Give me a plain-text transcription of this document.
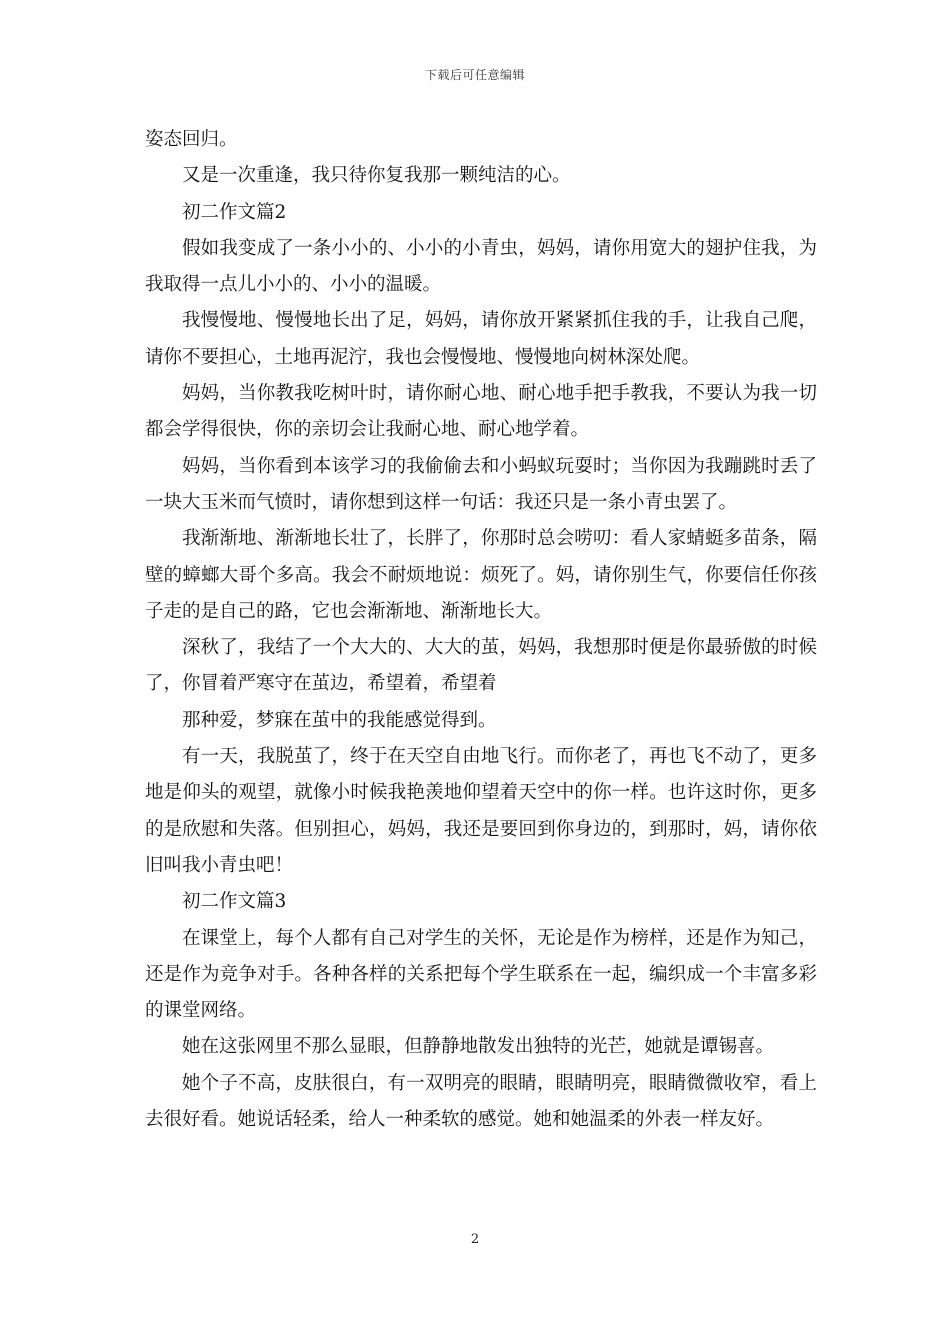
下载后可任意编辑

姿态回归。

又是一次重逢，我只待你复我那一颗纯洁的心。

初二作文篇2

假如我变成了一条小小的、小小的小青虫，妈妈，请你用宽大的翅护住我，为我取得一点儿小小的、小小的温暖。

我慢慢地、慢慢地长出了足，妈妈，请你放开紧紧抓住我的手，让我自己爬，请你不要担心，土地再泥泞，我也会慢慢地、慢慢地向树林深处爬。

妈妈，当你教我吃树叶时，请你耐心地、耐心地手把手教我，不要认为我一切都会学得很快，你的亲切会让我耐心地、耐心地学着。

妈妈，当你看到本该学习的我偷偷去和小蚂蚁玩耍时；当你因为我蹦跳时丢了一块大玉米而气愤时，请你想到这样一句话：我还只是一条小青虫罢了。

我渐渐地、渐渐地长壮了，长胖了，你那时总会唠叨：看人家蜻蜓多苗条，隔壁的蟑螂大哥个多高。我会不耐烦地说：烦死了。妈，请你别生气，你要信任你孩子走的是自己的路，它也会渐渐地、渐渐地长大。

深秋了，我结了一个大大的、大大的茧，妈妈，我想那时便是你最骄傲的时候了，你冒着严寒守在茧边，希望着，希望着

那种爱，梦寐在茧中的我能感觉得到。

有一天，我脱茧了，终于在天空自由地飞行。而你老了，再也飞不动了，更多地是仰头的观望，就像小时候我艳羡地仰望着天空中的你一样。也许这时你，更多的是欣慰和失落。但别担心，妈妈，我还是要回到你身边的，到那时，妈，请你依旧叫我小青虫吧！

初二作文篇3

在课堂上，每个人都有自己对学生的关怀，无论是作为榜样，还是作为知己，还是作为竞争对手。各种各样的关系把每个学生联系在一起，编织成一个丰富多彩的课堂网络。

她在这张网里不那么显眼，但静静地散发出独特的光芒，她就是谭锡喜。

她个子不高，皮肤很白，有一双明亮的眼睛，眼睛明亮，眼睛微微收窄，看上去很好看。她说话轻柔，给人一种柔软的感觉。她和她温柔的外表一样友好。

2
